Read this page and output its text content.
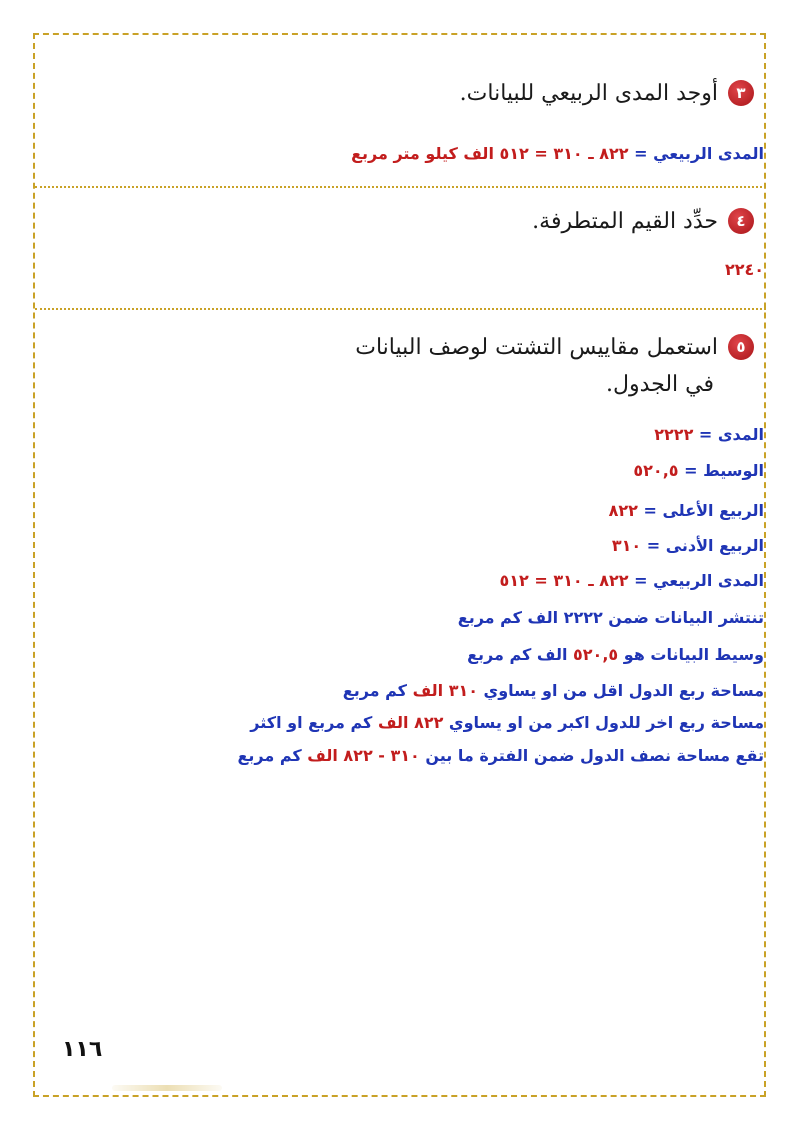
٣
أوجد المدى الربيعي للبيانات.
المدى الربيعي = ٨٢٢ ـ ٣١٠ = ٥١٢ الف كيلو متر مربع
٤
حدِّد القيم المتطرفة.
٢٢٤٠
٥
استعمل مقاييس التشتت لوصف البيانات
في الجدول.
المدى = ٢٢٢٢
الوسيط = ٥٢٠,٥
الربيع الأعلى = ٨٢٢
الربيع الأدنى = ٣١٠
المدى الربيعي = ٨٢٢ ـ ٣١٠ = ٥١٢
تنتشر البيانات ضمن ٢٢٢٢ الف كم مربع
وسيط البيانات هو ٥٢٠,٥ الف كم مربع
مساحة ربع الدول اقل من او يساوي ٣١٠ الف كم مربع
مساحة ربع اخر للدول اكبر من او يساوي ٨٢٢ الف كم مربع او اكثر
تقع مساحة نصف الدول ضمن الفترة ما بين ٣١٠ - ٨٢٢ الف كم مربع
١١٦
